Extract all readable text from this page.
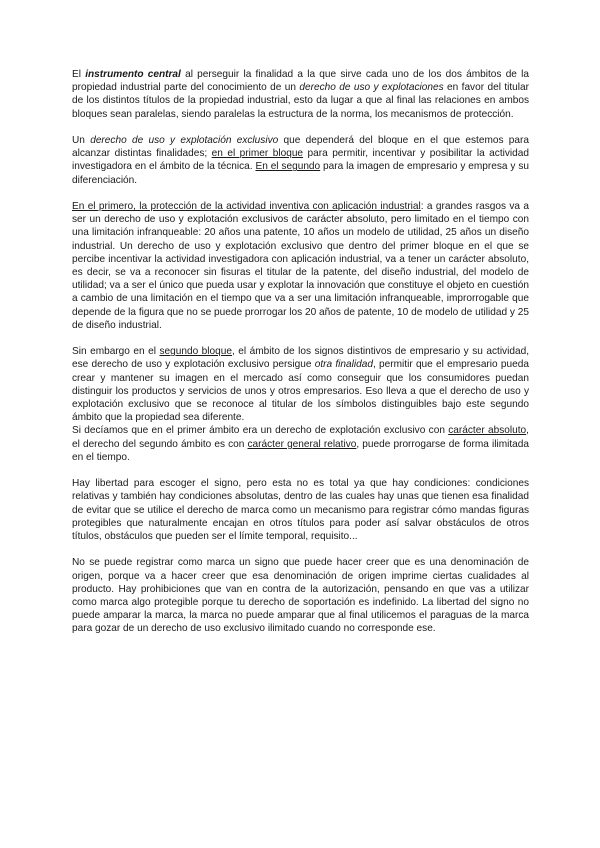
El instrumento central al perseguir la finalidad a la que sirve cada uno de los dos ámbitos de la propiedad industrial parte del conocimiento de un derecho de uso y explotaciones en favor del titular de los distintos títulos de la propiedad industrial, esto da lugar a que al final las relaciones en ambos bloques sean paralelas, siendo paralelas la estructura de la norma, los mecanismos de protección.

Un derecho de uso y explotación exclusivo que dependerá del bloque en el que estemos para alcanzar distintas finalidades; en el primer bloque para permitir, incentivar y posibilitar la actividad investigadora en el ámbito de la técnica. En el segundo para la imagen de empresario y empresa y su diferenciación.

En el primero, la protección de la actividad inventiva con aplicación industrial: a grandes rasgos va a ser un derecho de uso y explotación exclusivos de carácter absoluto, pero limitado en el tiempo con una limitación infranqueable: 20 años una patente, 10 años un modelo de utilidad, 25 años un diseño industrial. Un derecho de uso y explotación exclusivo que dentro del primer bloque en el que se percibe incentivar la actividad investigadora con aplicación industrial, va a tener un carácter absoluto, es decir, se va a reconocer sin fisuras el titular de la patente, del diseño industrial, del modelo de utilidad; va a ser el único que pueda usar y explotar la innovación que constituye el objeto en cuestión a cambio de una limitación en el tiempo que va a ser una limitación infranqueable, improrrogable que depende de la figura que no se puede prorrogar los 20 años de patente, 10 de modelo de utilidad y 25 de diseño industrial.

Sin embargo en el segundo bloque, el ámbito de los signos distintivos de empresario y su actividad, ese derecho de uso y explotación exclusivo persigue otra finalidad, permitir que el empresario pueda crear y mantener su imagen en el mercado así como conseguir que los consumidores puedan distinguir los productos y servicios de unos y otros empresarios. Eso lleva a que el derecho de uso y explotación exclusivo que se reconoce al titular de los símbolos distinguibles bajo este segundo ámbito que la propiedad sea diferente.

Si decíamos que en el primer ámbito era un derecho de explotación exclusivo con carácter absoluto, el derecho del segundo ámbito es con carácter general relativo, puede prorrogarse de forma ilimitada en el tiempo.

Hay libertad para escoger el signo, pero esta no es total ya que hay condiciones: condiciones relativas y también hay condiciones absolutas, dentro de las cuales hay unas que tienen esa finalidad de evitar que se utilice el derecho de marca como un mecanismo para registrar cómo mandas figuras protegibles que naturalmente encajan en otros títulos para poder así salvar obstáculos de otros títulos, obstáculos que pueden ser el límite temporal, requisito...

No se puede registrar como marca un signo que puede hacer creer que es una denominación de origen, porque va a hacer creer que esa denominación de origen imprime ciertas cualidades al producto. Hay prohibiciones que van en contra de la autorización, pensando en que vas a utilizar como marca algo protegible porque tu derecho de soportación es indefinido. La libertad del signo no puede amparar la marca, la marca no puede amparar que al final utilicemos el paraguas de la marca para gozar de un derecho de uso exclusivo ilimitado cuando no corresponde ese.
